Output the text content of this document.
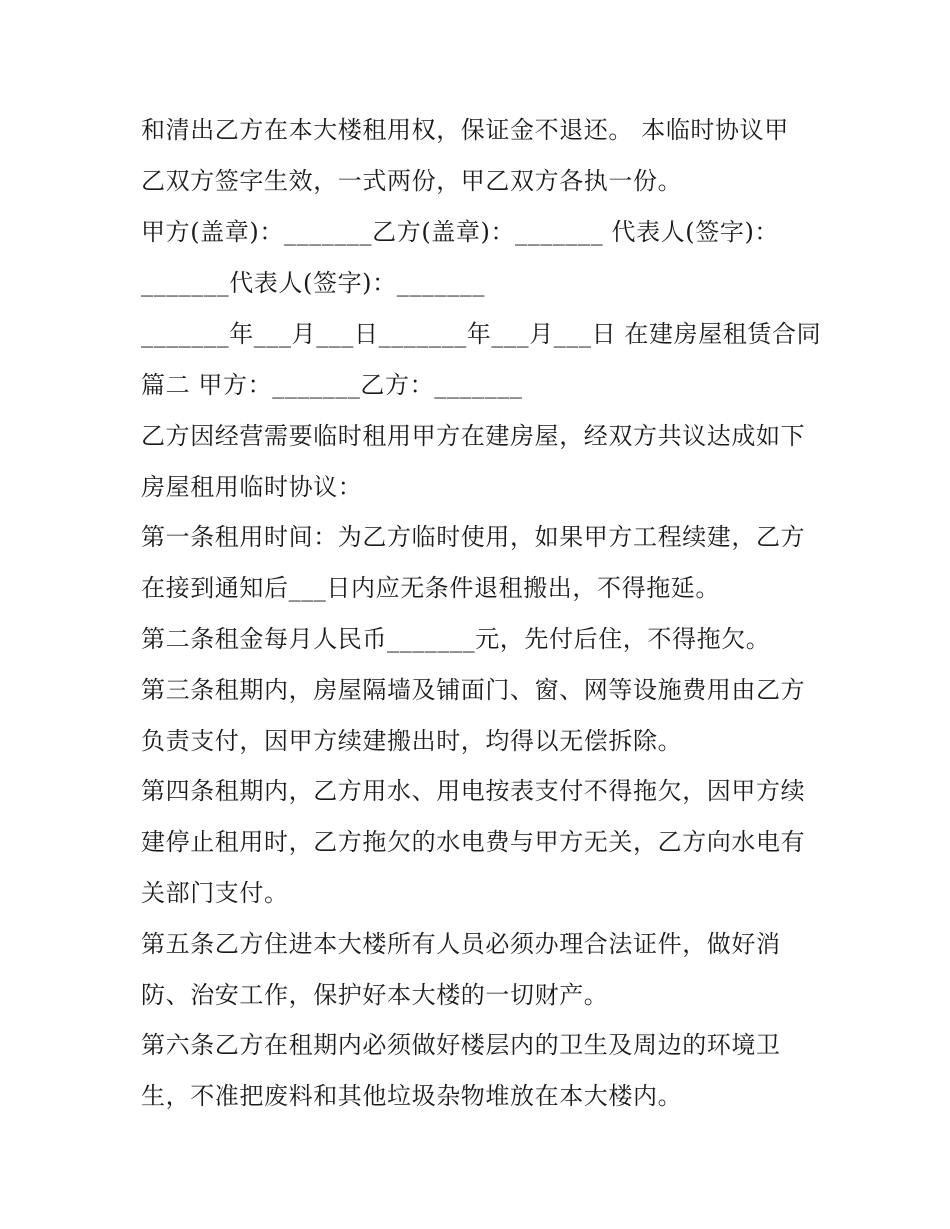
和清出乙方在本大楼租用权，保证金不退还。 本临时协议甲
乙双方签字生效，一式两份，甲乙双方各执一份。
甲方(盖章)：_______乙方(盖章)：_______ 代表人(签字)：
_______代表人(签字)：_______
_______年___月___日_______年___月___日 在建房屋租赁合同
篇二 甲方：_______乙方：_______
乙方因经营需要临时租用甲方在建房屋，经双方共议达成如下
房屋租用临时协议：
第一条租用时间：为乙方临时使用，如果甲方工程续建，乙方
在接到通知后___日内应无条件退租搬出，不得拖延。
第二条租金每月人民币_______元，先付后住，不得拖欠。
第三条租期内，房屋隔墙及铺面门、窗、网等设施费用由乙方
负责支付，因甲方续建搬出时，均得以无偿拆除。
第四条租期内，乙方用水、用电按表支付不得拖欠，因甲方续
建停止租用时，乙方拖欠的水电费与甲方无关，乙方向水电有
关部门支付。
第五条乙方住进本大楼所有人员必须办理合法证件，做好消
防、治安工作，保护好本大楼的一切财产。
第六条乙方在租期内必须做好楼层内的卫生及周边的环境卫
生，不准把废料和其他垃圾杂物堆放在本大楼内。
